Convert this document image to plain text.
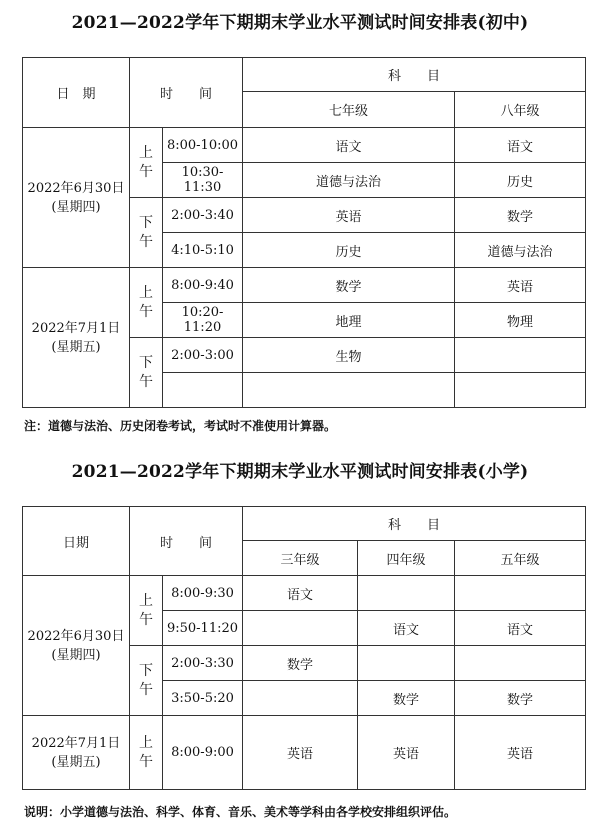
2021—2022学年下期期末学业水平测试时间安排表(初中)
日　期	时　　间		科　　目	
			七年级	八年级

2022年6月30日
(星期四)	上午	8:00-10:00	语文	语文
		10:30-11:30	道德与法治	历史

	下午	2:00-3:40	英语	数学
		4:10-5:10	历史	道德与法治

2022年7月1日
(星期五)	上午	8:00-9:40	数学	英语
		10:20-11:20	地理	物理

	下午	2:00-3:00	生物	

注：道德与法治、历史闭卷考试，考试时不准使用计算器。
2021—2022学年下期期末学业水平测试时间安排表(小学)
日期	时　　间		科　　目		
			三年级	四年级	五年级

2022年6月30日
(星期四)	上午	8:00-9:30	语文		
		9:50-11:20		语文	语文

	下午	2:00-3:30	数学		
		3:50-5:20		数学	数学

2022年7月1日
(星期五)	上午	8:00-9:00	英语	英语	英语
说明：小学道德与法治、科学、体育、音乐、美术等学科由各学校安排组织评估。
